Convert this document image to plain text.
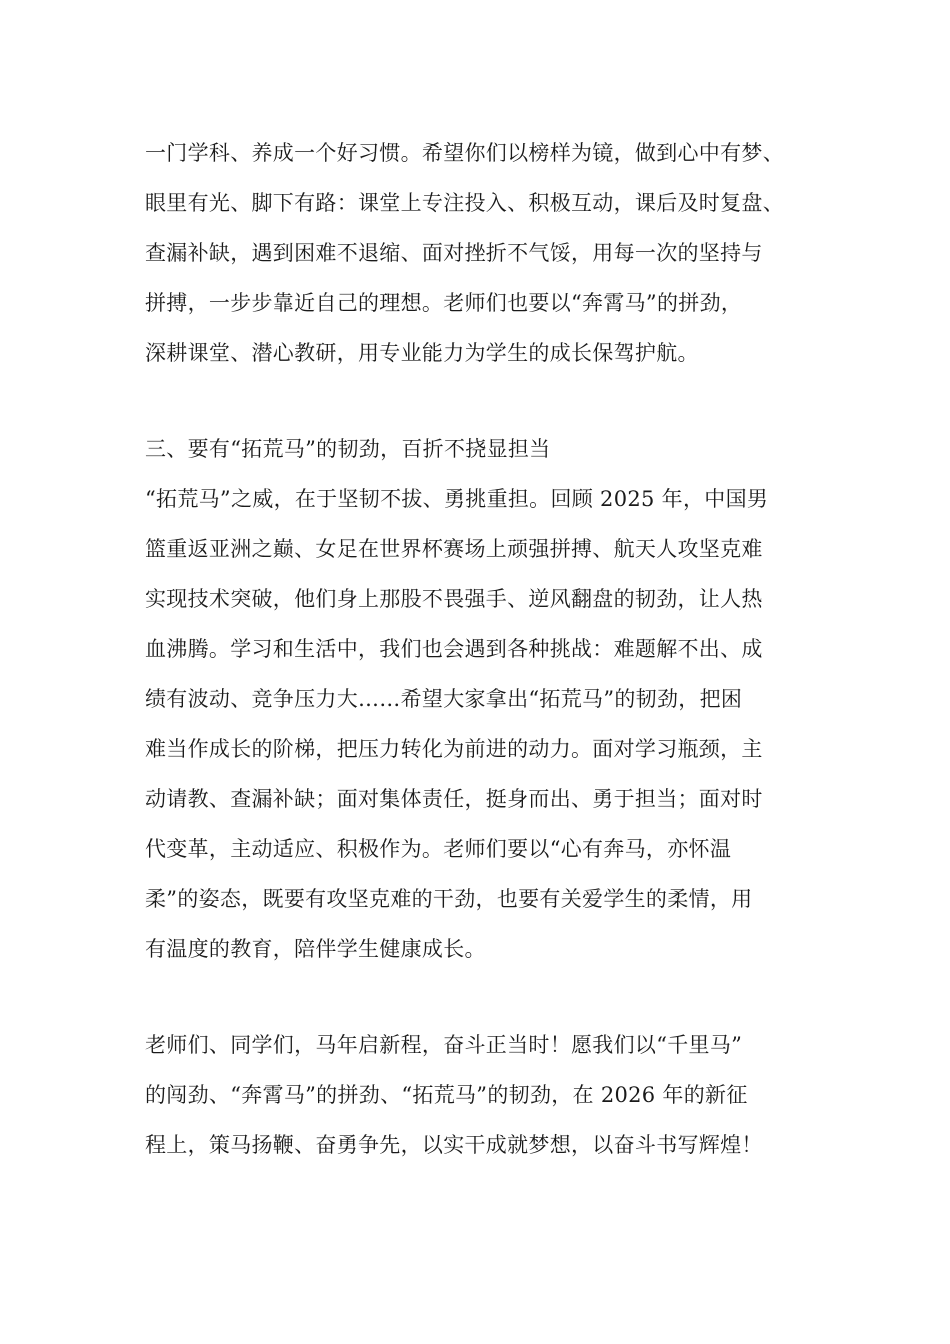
一门学科、养成一个好习惯。希望你们以榜样为镜，做到心中有梦、
眼里有光、脚下有路：课堂上专注投入、积极互动，课后及时复盘、
查漏补缺，遇到困难不退缩、面对挫折不气馁，用每一次的坚持与
拼搏，一步步靠近自己的理想。老师们也要以“奔霄马”的拼劲，
深耕课堂、潜心教研，用专业能力为学生的成长保驾护航。
三、要有“拓荒马”的韧劲，百折不挠显担当
“拓荒马”之威，在于坚韧不拔、勇挑重担。回顾 2025 年，中国男
篮重返亚洲之巅、女足在世界杯赛场上顽强拼搏、航天人攻坚克难
实现技术突破，他们身上那股不畏强手、逆风翻盘的韧劲，让人热
血沸腾。学习和生活中，我们也会遇到各种挑战：难题解不出、成
绩有波动、竞争压力大……希望大家拿出“拓荒马”的韧劲，把困
难当作成长的阶梯，把压力转化为前进的动力。面对学习瓶颈，主
动请教、查漏补缺；面对集体责任，挺身而出、勇于担当；面对时
代变革，主动适应、积极作为。老师们要以“心有奔马，亦怀温
柔”的姿态，既要有攻坚克难的干劲，也要有关爱学生的柔情，用
有温度的教育，陪伴学生健康成长。
老师们、同学们，马年启新程，奋斗正当时！愿我们以“千里马”
的闯劲、“奔霄马”的拼劲、“拓荒马”的韧劲，在 2026 年的新征
程上，策马扬鞭、奋勇争先，以实干成就梦想，以奋斗书写辉煌！
